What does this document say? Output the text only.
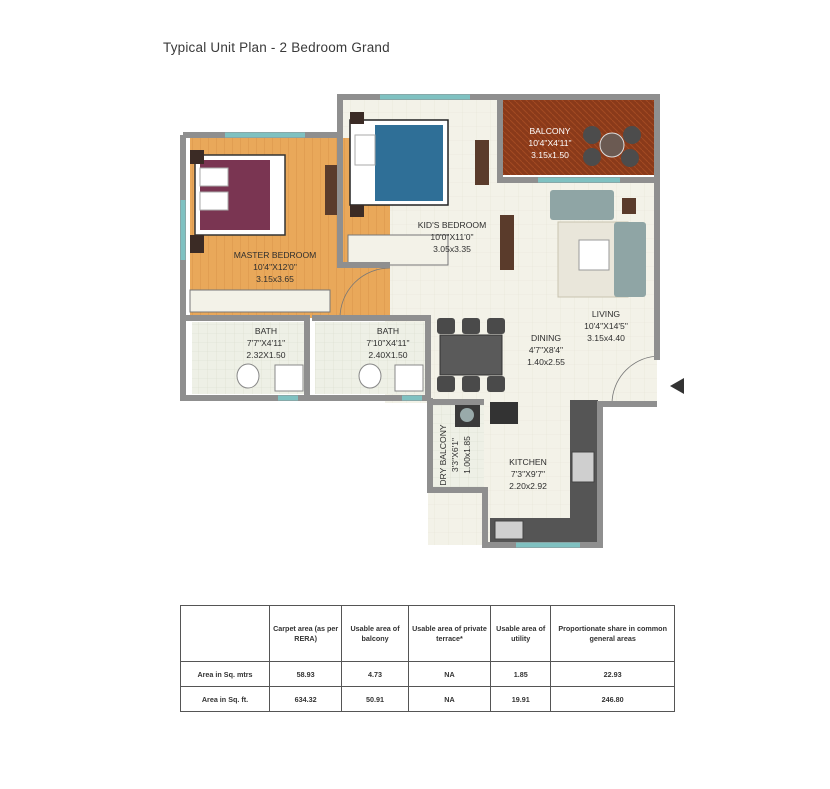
Typical Unit Plan - 2 Bedroom Grand
MASTER BEDROOM
10'4"X12'0"
3.15x3.65
KID'S BEDROOM
10'0"X11'0"
3.05x3.35
BALCONY
10'4"X4'11"
3.15x1.50
LIVING
10'4"X14'5"
3.15x4.40
DINING
4'7"X8'4"
1.40x2.55
BATH
7'7"X4'11"
2.32X1.50
BATH
7'10"X4'11"
2.40X1.50
KITCHEN
7'3"X9'7"
2.20x2.92
DRY BALCONY 3'3"X6'1" 1.00x1.85
	Carpet area (as per RERA)	Usable area of balcony	Usable area of private terrace*	Usable area of utility	Proportionate share in common general areas
Area in Sq. mtrs	58.93	4.73	NA	1.85	22.93
Area in Sq. ft.	634.32	50.91	NA	19.91	246.80
